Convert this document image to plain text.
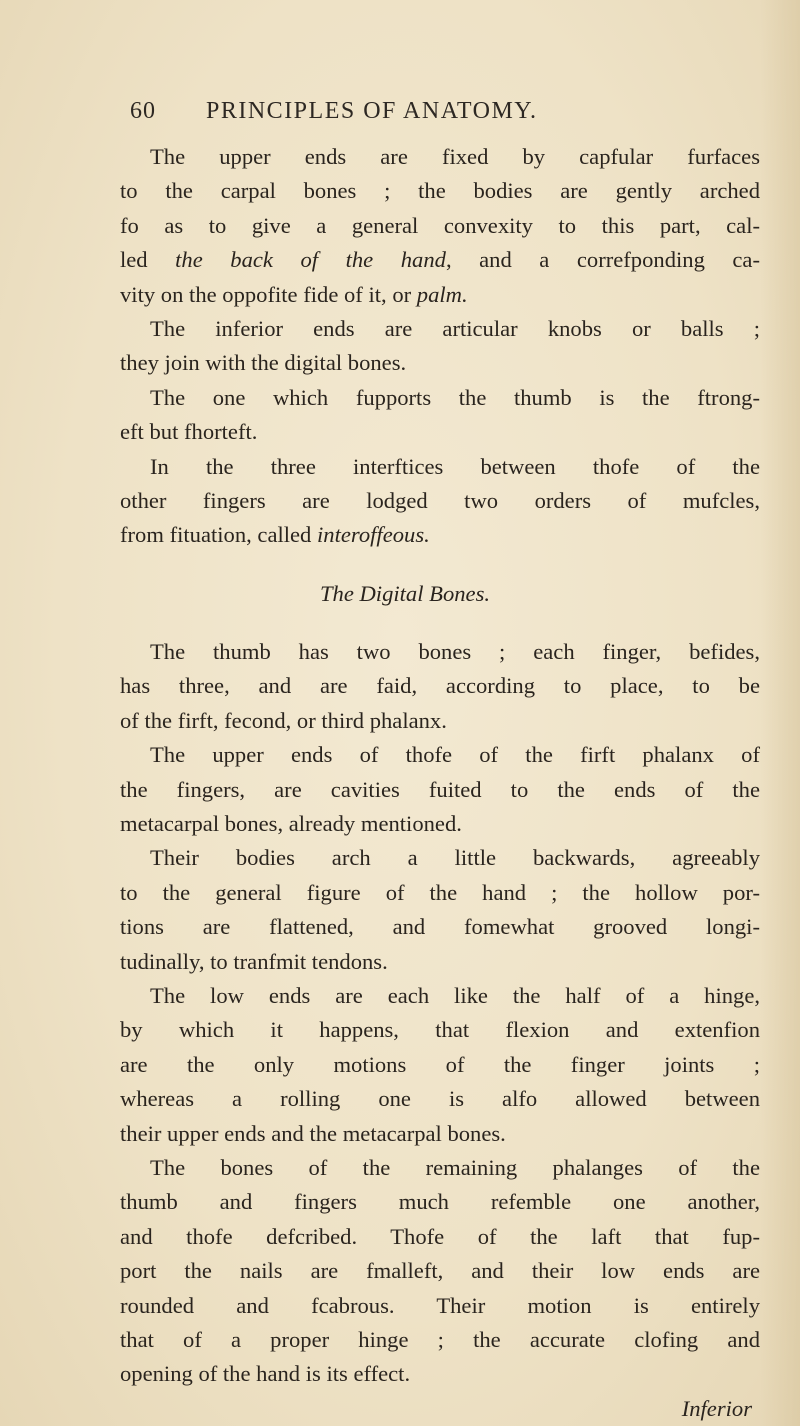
60 PRINCIPLES OF ANATOMY.
The upper ends are fixed by capfular furfaces
to the carpal bones ; the bodies are gently arched
fo as to give a general convexity to this part, cal-
led the back of the hand, and a correfponding ca-
vity on the oppofite fide of it, or palm.
The inferior ends are articular knobs or balls ;
they join with the digital bones.
The one which fupports the thumb is the ftrong-
eft but fhorteft.
In the three interftices between thofe of the
other fingers are lodged two orders of mufcles,
from fituation, called interoffeous.
The Digital Bones.
The thumb has two bones ; each finger, befides,
has three, and are faid, according to place, to be
of the firft, fecond, or third phalanx.
The upper ends of thofe of the firft phalanx of
the fingers, are cavities fuited to the ends of the
metacarpal bones, already mentioned.
Their bodies arch a little backwards, agreeably
to the general figure of the hand ; the hollow por-
tions are flattened, and fomewhat grooved longi-
tudinally, to tranfmit tendons.
The low ends are each like the half of a hinge,
by which it happens, that flexion and extenfion
are the only motions of the finger joints ;
whereas a rolling one is alfo allowed between
their upper ends and the metacarpal bones.
The bones of the remaining phalanges of the
thumb and fingers much refemble one another,
and thofe defcribed. Thofe of the laft that fup-
port the nails are fmalleft, and their low ends are
rounded and fcabrous. Their motion is entirely
that of a proper hinge ; the accurate clofing and
opening of the hand is its effect.
Inferior
